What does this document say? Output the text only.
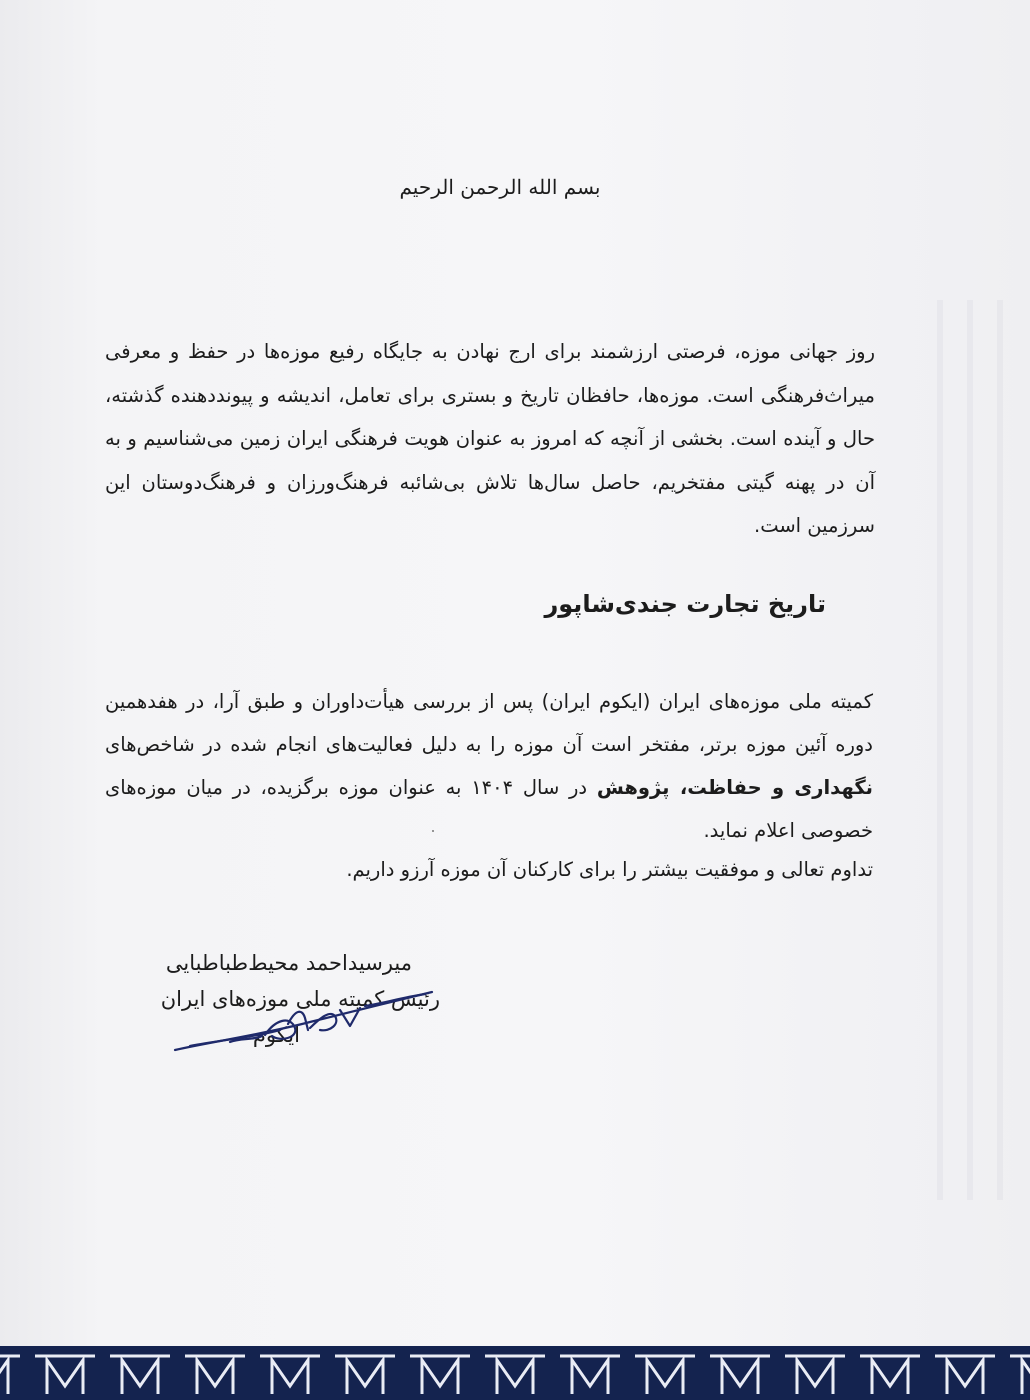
بسم الله الرحمن الرحیم
روز جهانی موزه، فرصتی ارزشمند برای ارج نهادن به جایگاه رفیع موزه‌ها در حفظ و معرفی میراث‌فرهنگی است. موزه‌ها، حافظان تاریخ و بستری برای تعامل، اندیشه و پیونددهنده گذشته، حال و آینده است. بخشی از آنچه که امروز به عنوان هویت فرهنگی ایران زمین می‌شناسیم و به آن در پهنه گیتی مفتخریم، حاصل سال‌ها تلاش بی‌شائبه فرهنگ‌ورزان و فرهنگ‌دوستان این سرزمین است.
تاریخ تجارت جندی‌شاپور
کمیته ملی موزه‌های ایران (ایکوم ایران) پس از بررسی هیأت‌داوران و طبق آرا، در هفدهمین دوره آئین موزه برتر، مفتخر است آن موزه را به دلیل فعالیت‌های انجام شده در شاخص‌های نگهداری و حفاظت، پژوهش در سال ۱۴۰۴ به عنوان موزه برگزیده، در میان موزه‌های خصوصی اعلام نماید.
تداوم تعالی و موفقیت بیشتر را برای کارکنان آن موزه آرزو داریم.
میرسیداحمد محیط‌طباطبایی
رئیس کمیته ملی موزه‌های ایران
ایکوم
